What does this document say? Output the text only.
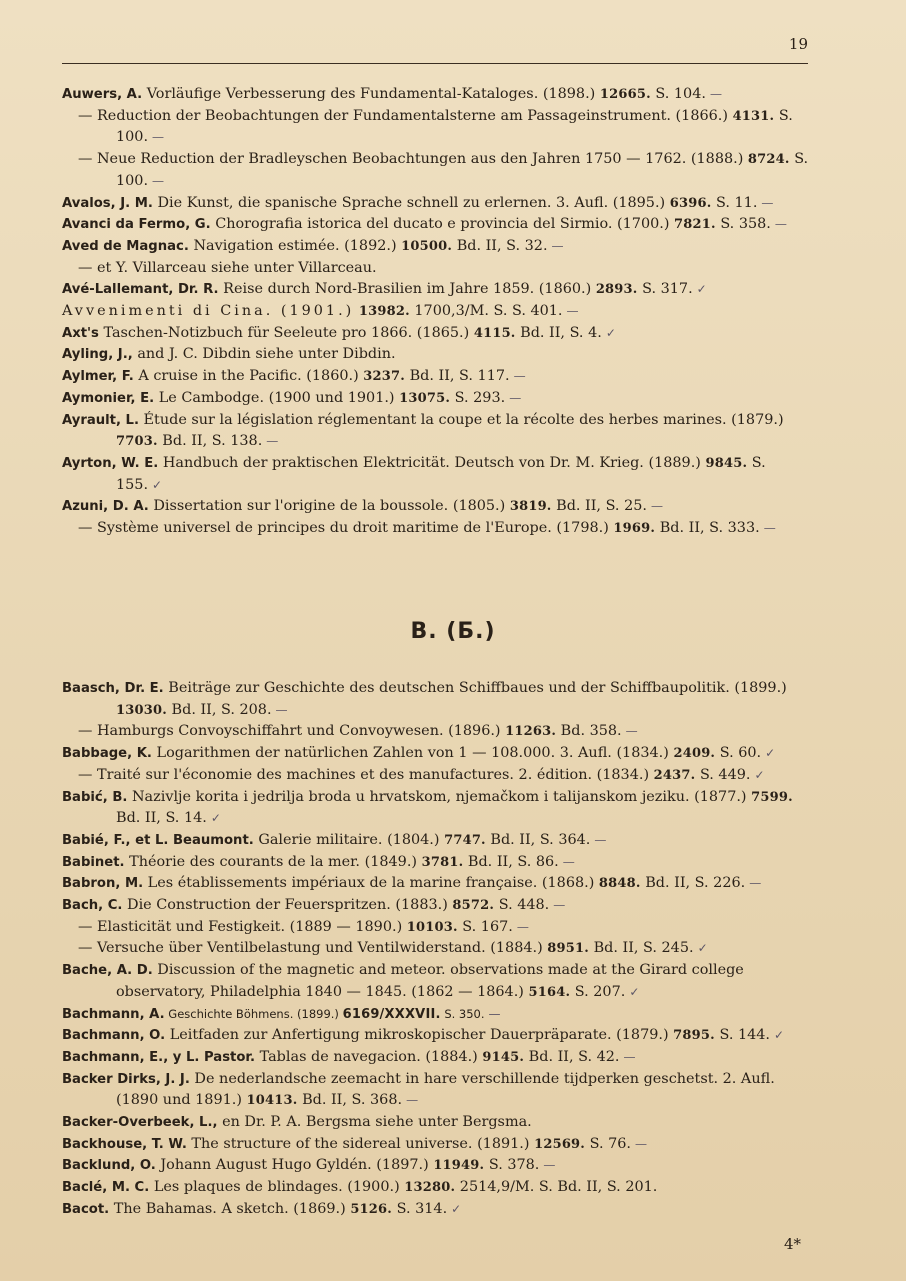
19
Auwers, A. Vorläufige Verbesserung des Fundamental-Kataloges. (1898.) 12665. S. 104. —
— Reduction der Beobachtungen der Fundamentalsterne am Passageinstrument. (1866.) 4131. S. 100. —
— Neue Reduction der Bradleyschen Beobachtungen aus den Jahren 1750 — 1762. (1888.) 8724. S. 100. —
Avalos, J. M. Die Kunst, die spanische Sprache schnell zu erlernen. 3. Aufl. (1895.) 6396. S. 11. —
Avanci da Fermo, G. Chorografia istorica del ducato e provincia del Sirmio. (1700.) 7821. S. 358. —
Aved de Magnac. Navigation estimée. (1892.) 10500. Bd. II, S. 32. —
— et Y. Villarceau siehe unter Villarceau.
Avé-Lallemant, Dr. R. Reise durch Nord-Brasilien im Jahre 1859. (1860.) 2893. S. 317. ✓
Avvenimenti di Cina. (1901.) 13982. 1700,3/M. S. S. 401. —
Axt's Taschen-Notizbuch für Seeleute pro 1866. (1865.) 4115. Bd. II, S. 4. ✓
Ayling, J., and J. C. Dibdin siehe unter Dibdin.
Aylmer, F. A cruise in the Pacific. (1860.) 3237. Bd. II, S. 117. —
Aymonier, E. Le Cambodge. (1900 und 1901.) 13075. S. 293. —
Ayrault, L. Étude sur la législation réglementant la coupe et la récolte des herbes marines. (1879.) 7703. Bd. II, S. 138. —
Ayrton, W. E. Handbuch der praktischen Elektricität. Deutsch von Dr. M. Krieg. (1889.) 9845. S. 155. ✓
Azuni, D. A. Dissertation sur l'origine de la boussole. (1805.) 3819. Bd. II, S. 25. —
— Système universel de principes du droit maritime de l'Europe. (1798.) 1969. Bd. II, S. 333. —
B. (Б.)
Baasch, Dr. E. Beiträge zur Geschichte des deutschen Schiffbaues und der Schiffbaupolitik. (1899.) 13030. Bd. II, S. 208. —
— Hamburgs Convoyschiffahrt und Convoywesen. (1896.) 11263. Bd. 358. —
Babbage, K. Logarithmen der natürlichen Zahlen von 1 — 108.000. 3. Aufl. (1834.) 2409. S. 60. ✓
— Traité sur l'économie des machines et des manufactures. 2. édition. (1834.) 2437. S. 449. ✓
Babić, B. Nazivlje korita i jedrilja broda u hrvatskom, njemačkom i talijanskom jeziku. (1877.) 7599. Bd. II, S. 14. ✓
Babié, F., et L. Beaumont. Galerie militaire. (1804.) 7747. Bd. II, S. 364. —
Babinet. Théorie des courants de la mer. (1849.) 3781. Bd. II, S. 86. —
Babron, M. Les établissements impériaux de la marine française. (1868.) 8848. Bd. II, S. 226. —
Bach, C. Die Construction der Feuerspritzen. (1883.) 8572. S. 448. —
— Elasticität und Festigkeit. (1889 — 1890.) 10103. S. 167. —
— Versuche über Ventilbelastung und Ventilwiderstand. (1884.) 8951. Bd. II, S. 245. ✓
Bache, A. D. Discussion of the magnetic and meteor. observations made at the Girard college observatory, Philadelphia 1840 — 1845. (1862 — 1864.) 5164. S. 207. ✓
Bachmann, A. Geschichte Böhmens. (1899.) 6169/XXXVII. S. 350. —
Bachmann, O. Leitfaden zur Anfertigung mikroskopischer Dauerpräparate. (1879.) 7895. S. 144. ✓
Bachmann, E., y L. Pastor. Tablas de navegacion. (1884.) 9145. Bd. II, S. 42. —
Backer Dirks, J. J. De nederlandsche zeemacht in hare verschillende tijdperken geschetst. 2. Aufl. (1890 und 1891.) 10413. Bd. II, S. 368. —
Backer-Overbeek, L., en Dr. P. A. Bergsma siehe unter Bergsma.
Backhouse, T. W. The structure of the sidereal universe. (1891.) 12569. S. 76. —
Backlund, O. Johann August Hugo Gyldén. (1897.) 11949. S. 378. —
Baclé, M. C. Les plaques de blindages. (1900.) 13280. 2514,9/M. S. Bd. II, S. 201.
Bacot. The Bahamas. A sketch. (1869.) 5126. S. 314. ✓
4*
